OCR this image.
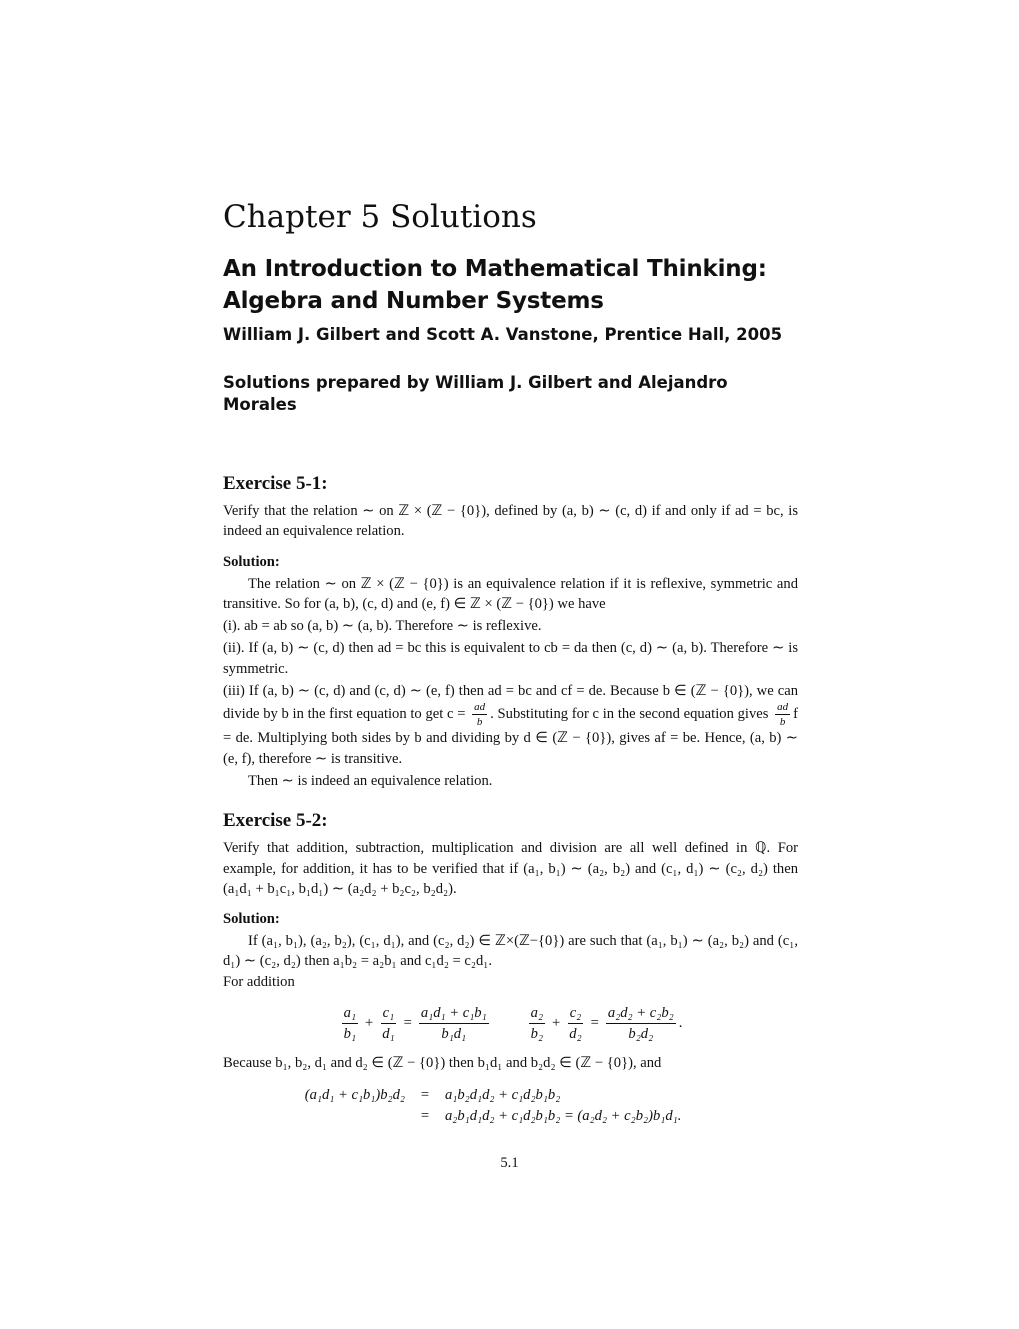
Chapter 5 Solutions
An Introduction to Mathematical Thinking:
Algebra and Number Systems

William J. Gilbert and Scott A. Vanstone, Prentice Hall, 2005

Solutions prepared by William J. Gilbert and Alejandro Morales

Exercise 5-1:

Verify that the relation ∼ on ℤ × (ℤ − {0}), defined by (a, b) ∼ (c, d) if and only if ad = bc, is indeed an equivalence relation.

Solution:

The relation ∼ on ℤ × (ℤ − {0}) is an equivalence relation if it is reflexive, symmetric and transitive. So for (a, b), (c, d) and (e, f) ∈ ℤ × (ℤ − {0}) we have

(i). ab = ab so (a, b) ∼ (a, b). Therefore ∼ is reflexive.

(ii). If (a, b) ∼ (c, d) then ad = bc this is equivalent to cb = da then (c, d) ∼ (a, b). Therefore ∼ is symmetric.

(iii) If (a, b) ∼ (c, d) and (c, d) ∼ (e, f) then ad = bc and cf = de. Because b ∈ (ℤ − {0}), we can divide by b in the first equation to get $c = \frac{ad}{b}$ . Substituting for c in the second equation gives $\frac{ad}{b}$ f = de. Multiplying both sides by b and dividing by d ∈ (ℤ − {0}), gives af = be. Hence, (a, b) ∼ (e, f), therefore ∼ is transitive.

Then ∼ is indeed an equivalence relation.

Exercise 5-2:

Verify that addition, subtraction, multiplication and division are all well defined in ℚ. For example, for addition, it has to be verified that if (a₁, b₁) ∼ (a₂, b₂) and (c₁, d₁) ∼ (c₂, d₂) then (a₁d₁ + b₁c₁, b₁d₁) ∼ (a₂d₂ + b₂c₂, b₂d₂).

Solution:

If (a₁, b₁), (a₂, b₂), (c₁, d₁), and (c₂, d₂) ∈ ℤ×(ℤ−{0}) are such that (a₁, b₁) ∼ (a₂, b₂) and (c₁, d₁) ∼ (c₂, d₂) then a₁b₂ = a₂b₁ and c₁d₂ = c₂d₁.

For addition

$\frac{\text{a₁}}{\text{b₁}} + \frac{\text{c₁}}{\text{d₁}} = \frac{\text{a₁d₁ + c₁b₁}}{\text{b₁d₁}}$	$\frac{\text{a₂}}{\text{b₂}} + \frac{\text{c₂}}{\text{d₂}} = \frac{\text{a₂d₂ + c₂b₂}}{\text{b₂d₂}}$ .

Because b₁, b₂, d₁ and d₂ ∈ (ℤ − {0}) then b₁d₁ and b₂d₂ ∈ (ℤ − {0}), and

(a₁d₁ + c₁b₁)b₂d₂	=	a₁b₂d₁d₂ + c₁d₂b₁b₂
=	a₂b₁d₁d₂ + c₁d₂b₁b₂ = (a₂d₂ + c₂b₂)b₁d₁.
5.1
